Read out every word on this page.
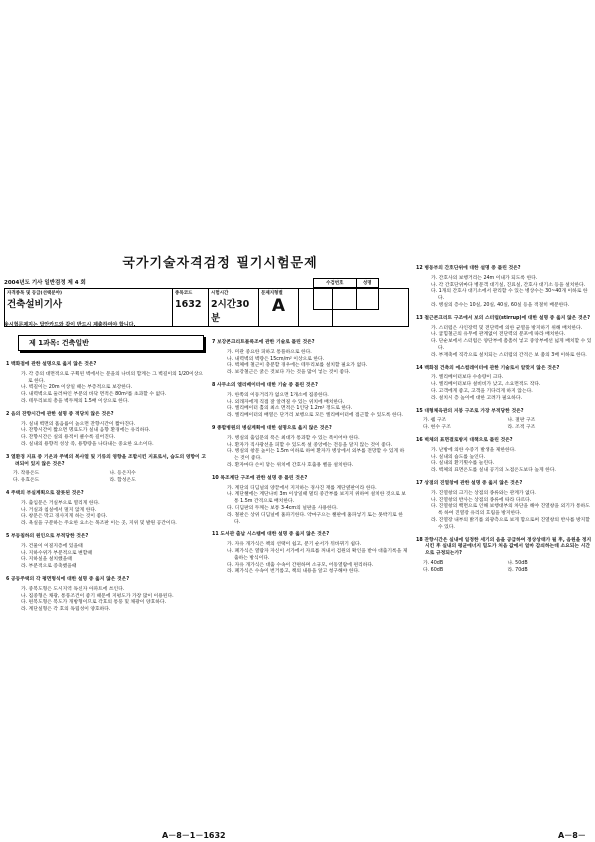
국가기술자격검정 필기시험문제
2004년도 기사 일반검정 제 4 회	수검번호	성명

자격종목 및 등급(선택분야)
건축설비기사

종목코드
1632

시험시간
2시간30분

문제지형별
A

※시험문제지는 답안카드와 같이 반드시 제출하여야 합니다.
제 1과목: 건축일반
1 백화점에 관한 설명으로 옳지 않은 것은?
가. 각 층의 대면적으로 구획된 벽에서는 문을의 나비의 합계는 그 벽길이의 1/20이상으로 한다.
나. 벽길이는 20m 이상일 때는 부층적으로 보강한다.
다. 내력벽으로 둘러싸인 부분의 바닥 면적은 80m²를 초과할 수 없다.
라. 테두리보의 총을 벽두께의 1.5배 이상으로 한다.
2 음의 잔향시간에 관한 설명 중 적당치 않은 것은?
가. 실내 벽면의 흡음률이 높으면 잔향시간이 짧아진다.
나. 잔향시간이 짧으면 명료도가 실내 음향 환경에는 유리하다.
다. 잔향시간은 실의 용적이 클수록 길어진다.
라. 실내의 용향적 성상 즉, 용향량을 나타내는 중요한 요소이다.
3 열환경 지표 중 기온과 주벽의 복사열 및 기류의 영향을 조합시킨 지표로서, 습도의 영향이 고려되어 있지 않은 것은?
가. 작용온도	나. 등온지수
다. 유효온도	라. 합성온도
4 주택의 부실계획으로 잘못된 것은?
가. 출입문은 거실부으로 열리게 한다.
나. 거실과 침실에서 멀지 않게 한다.
다. 창문은 막고 경사지게 하는 것이 좋다.
라. 욕실을 구분하는 주요한 요소는 목조판 이는 곳, 지위 및 발원 공간이다.
5 부동침하의 원인으로 부적당한 것은?
가. 건물이 이질지층에 있을때
나. 지하수위가 부분적으로 변할때
다. 지하실을 설치했을때
라. 부분적으로 증축했을때
6 공동주택의 각 평면형식에 대한 설명 중 옳지 않은 것은?
가. 중복도형은 도시지역 독신자 아파트에 쓰인다.
나. 집중형은 채광, 통풍조건이 좋기 때문에 지평도가 가장 많이 이용된다.
다. 편복도형은 복도가 개방형이므로 각호의 통풍 및 채광이 양호하다.
라. 계단실형은 각 호의 독립성이 양호하다.
7 보강콘크리트블록조에 관한 기술로 틀린 것은?
가. 미관 중요한 피하고 통플하으로 한다.
나. 내력벽의 벽량은 15cm/m² 이상으로 한다.
다. 벽체에 철근이 충분할 경우에는 테두리보를 설치할 필요가 없다.
라. 보강철근은 굵은 것보다 가는 것을 많이 넣는 것이 좋다.
8 사무소의 엘리베이터에 대한 기술 중 틀린 것은?
가. 한쪽의 이동거리가 없으면 1개소에 집중한다.
나. 외래자에게 직접 잘 알려질 수 있는 위치에 배치한다.
다. 엘리베이터 홀의 최소 면적은 1인당 1.2m² 정도로 한다.
라. 엘리베이터의 배열은 단거리 보행으로 모든 엘리베이터에 접근할 수 있도록 한다.
9 종합병원의 병실계획에 대한 설명으로 옳지 않은 것은?
가. 병실의 출입문의 폭은 최대가 통과할 수 있는 폭이어야 한다.
나. 환자가 직사광선을 피할 수 있도록 설 중앙에는 전등을 달지 않는 것이 좋다.
다. 병실의 창문 높이는 1.5m 이하로 하여 환자가 병상에서 외부를 전망할 수 있게 하는 것이 좋다.
라. 환자마다 손이 닿는 위치에 간호사 호출용 벨을 설치한다.
10 목조계단 구조에 관한 설명 중 틀린 것은?
가. 계단의 디딤널의 양끝에서 지지하는 경사진 재를 계단옆판이라 한다.
나. 계단챌에는 계단나비 3m 이상일때 멀티 중간부를 보지지 위하여 설치한 것으로 보통 1.5m 간격으로 배치한다.
다. 디딤판의 두께는 보통 3-4cm의 널판을 사용한다.
라. 철판은 상위 디딤널에 홈파기한다. 약마구으는 챌판에 홈파넣기 또는 못박기로 한다.
11 도서관 출납 시스템에 대한 설명 중 옳지 않은 것은?
가. 자유 개가식은 책의 선택이 쉽고, 분기 순서가 뒤바뀌기 쉽다.
나. 폐가식은 열람자 자신이 서가에서 자료를 꺼내서 검원의 확인을 받아 대출기록을 제출하는 방식이다.
다. 자유 개가식은 대출 수속이 간편하며 소규모, 어동열람에 편리하다.
라. 폐가식은 수속이 번거롭고, 책의 내용을 알고 청구해야 한다.
12 병동부의 간호단위에 대한 설명 중 틀린 것은?
가. 간호사의 보행거리는 24m 이내가 되도록 한다.
나. 각 간호단위마다 병문객 대기실, 진료실, 간호사 대기소 등을 설치한다.
다. 1개의 간호사 대기소에서 관리할 수 있는 병상수는 30~40개 이하로 한다.
라. 병실의 층수는 10실, 20실, 40실, 60실 등을 적절히 배분한다.
13 철근콘크리트 구조에서 보의 스터럽(stirrup)에 대한 설명 중 옳지 않은 것은?
가. 스터럽은 사인장력 및 전단력에 의한 균열을 방지하기 위해 배치한다.
나. 굽힘철근의 유무에 관계없이 전단력의 분포에 따라 배치한다.
다. 단순보에서 스터럽은 양단부에 촘촘히 넣고 중앙부에선 넓게 배치할 수 있다.
라. 부재축에 직각으로 설치되는 스터럽의 간격은 보 춤의 3배 이하로 한다.
14 백화점 건축의 에스컬레이터에 관한 기술로서 알맞지 않은 것은?
가. 엘리베이터보다 수송량이 크다.
나. 엘리베이터보다 설비비가 낮고, 소요면적도 작다.
다. 고객에게 좋고, 고객을 기다리게 하지 않는다.
라. 설치시 층 높이에 대한 고려가 필요하다.
15 대형체육관의 지붕 구조로 가장 부적당한 것은?
가. 쉘 구조	나. 절판 구조
다. 현수 구조	라. 조적 구조
16 벽체의 표면결로방지 대책으로 틀린 것은?
가. 난방에 의한 수증기 발생을 제한한다.
나. 실내의 습도를 높인다.
다. 실내의 환기횟수를 늘린다.
라. 벽체의 표면온도를 실내 공기의 노점온도보다 높게 한다.
17 상점의 진열창에 관한 설명 중 옳지 않은 것은?
가. 진열창의 크기는 상점의 종류와는 관계가 없다.
나. 진열창의 반사는 상점의 종류에 따라 다르다.
다. 진열창의 백면으로 인해 보행대부의 차단을 해야 진열창을 외기가 통하도록 하여 진열장 유리의 흐림을 방지한다.
라. 진열장 내부의 밝기를 외광측으로 보게 함으로써 진열창의 반사를 방지할 수 있다.
18 잔향시간은 실내에 일정한 세기의 음을 공급하여 정상상태가 될 후, 음원을 정지시킨 후 실내의 평균에너지 밀도가 처음 값에서 얼마 감쇠하는데 소요되는 시간으로 규정되는가?
가. 40dB	나. 50dB
다. 60dB	라. 70dB
A－8－1－1632	A－8－
